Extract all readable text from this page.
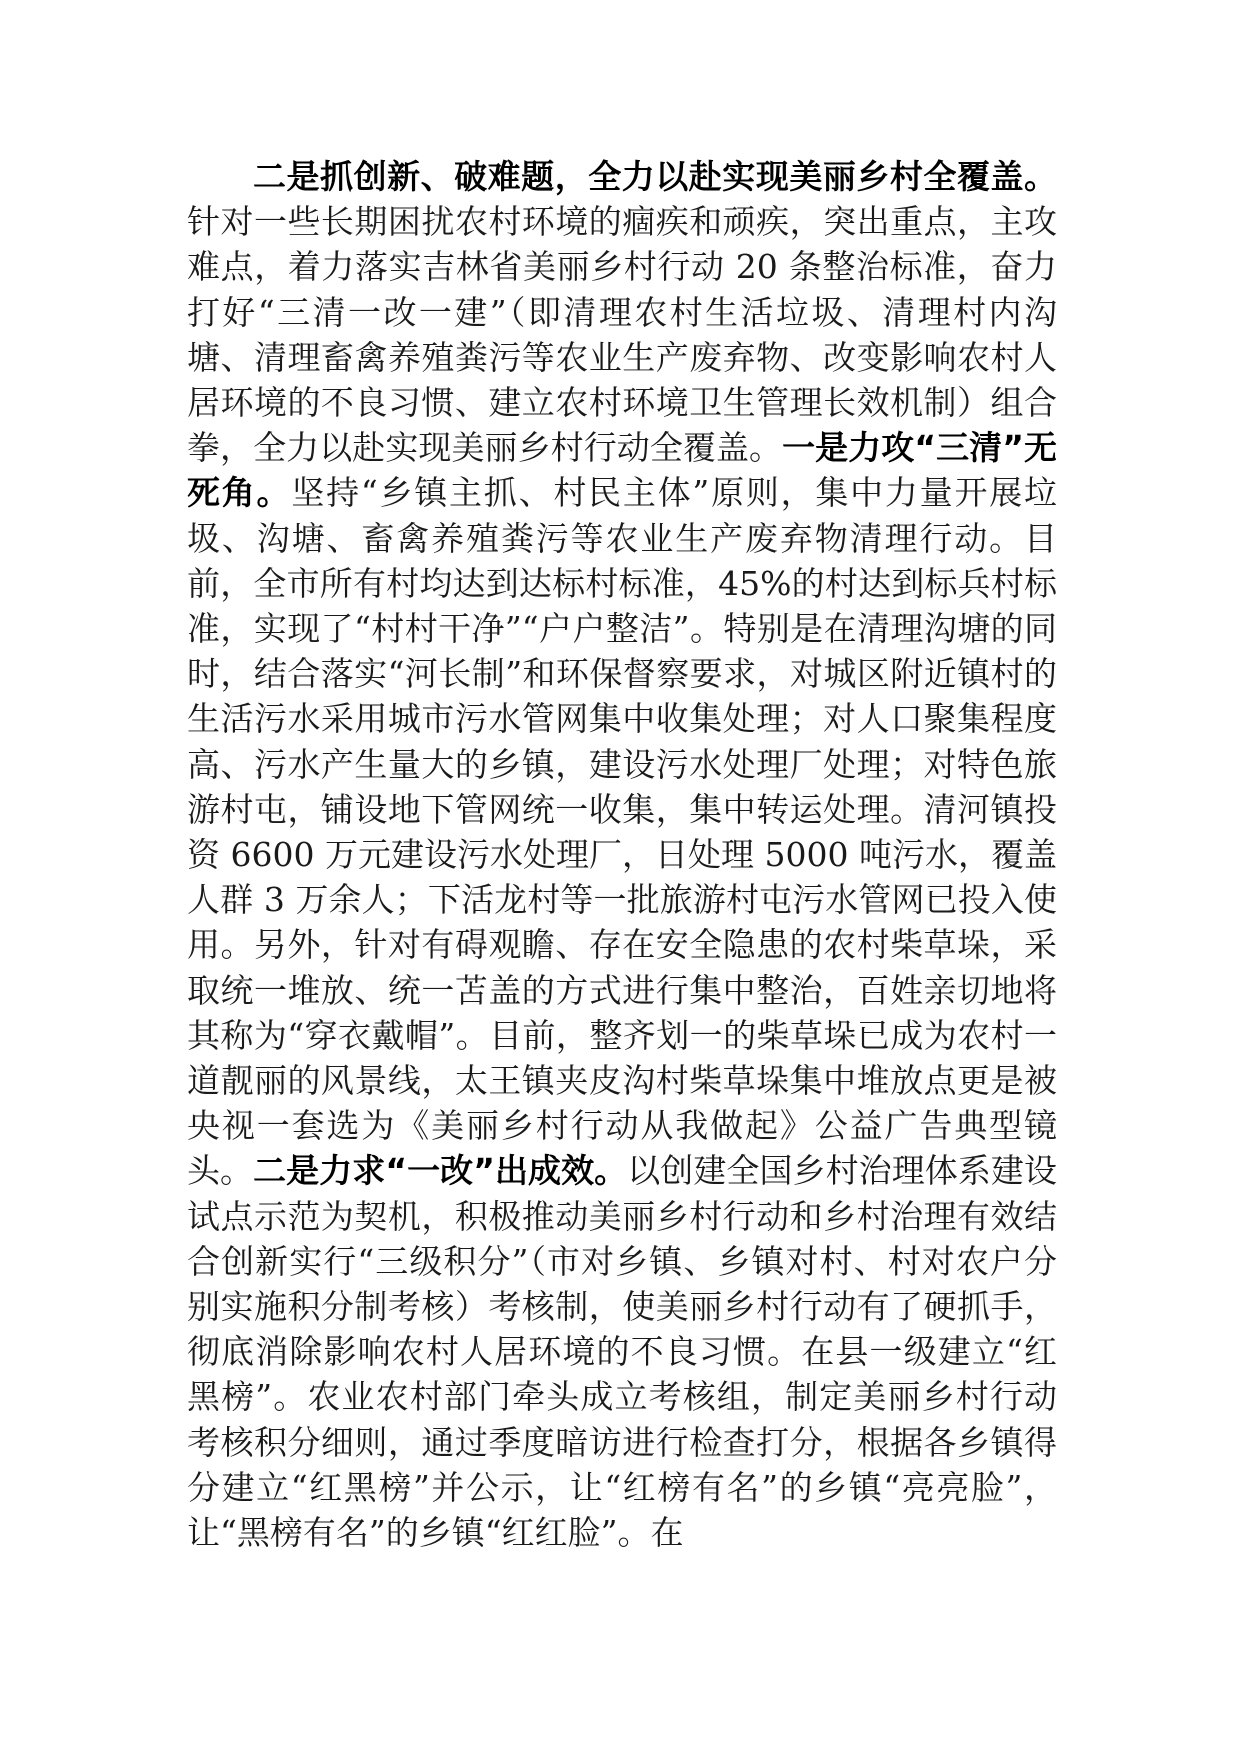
二是抓创新、破难题，全力以赴实现美丽乡村全覆盖。针对一些长期困扰农村环境的痼疾和顽疾，突出重点，主攻难点，着力落实吉林省美丽乡村行动 20 条整治标准，奋力打好“三清一改一建”（即清理农村生活垃圾、清理村内沟塘、清理畜禽养殖粪污等农业生产废弃物、改变影响农村人居环境的不良习惯、建立农村环境卫生管理长效机制）组合拳，全力以赴实现美丽乡村行动全覆盖。一是力攻“三清”无死角。坚持“乡镇主抓、村民主体”原则，集中力量开展垃圾、沟塘、畜禽养殖粪污等农业生产废弃物清理行动。目前，全市所有村均达到达标村标准，45%的村达到标兵村标准，实现了“村村干净”“户户整洁”。特别是在清理沟塘的同时，结合落实“河长制”和环保督察要求，对城区附近镇村的生活污水采用城市污水管网集中收集处理；对人口聚集程度高、污水产生量大的乡镇，建设污水处理厂处理；对特色旅游村屯，铺设地下管网统一收集，集中转运处理。清河镇投资 6600 万元建设污水处理厂，日处理 5000 吨污水，覆盖人群 3 万余人；下活龙村等一批旅游村屯污水管网已投入使用。另外，针对有碍观瞻、存在安全隐患的农村柴草垛，采取统一堆放、统一苫盖的方式进行集中整治，百姓亲切地将其称为“穿衣戴帽”。目前，整齐划一的柴草垛已成为农村一道靓丽的风景线，太王镇夹皮沟村柴草垛集中堆放点更是被央视一套选为《美丽乡村行动从我做起》公益广告典型镜头。二是力求“一改”出成效。以创建全国乡村治理体系建设试点示范为契机，积极推动美丽乡村行动和乡村治理有效结合创新实行“三级积分”（市对乡镇、乡镇对村、村对农户分别实施积分制考核）考核制，使美丽乡村行动有了硬抓手，彻底消除影响农村人居环境的不良习惯。在县一级建立“红黑榜”。农业农村部门牵头成立考核组，制定美丽乡村行动考核积分细则，通过季度暗访进行检查打分，根据各乡镇得分建立“红黑榜”并公示，让“红榜有名”的乡镇“亮亮脸”，让“黑榜有名”的乡镇“红红脸”。在
